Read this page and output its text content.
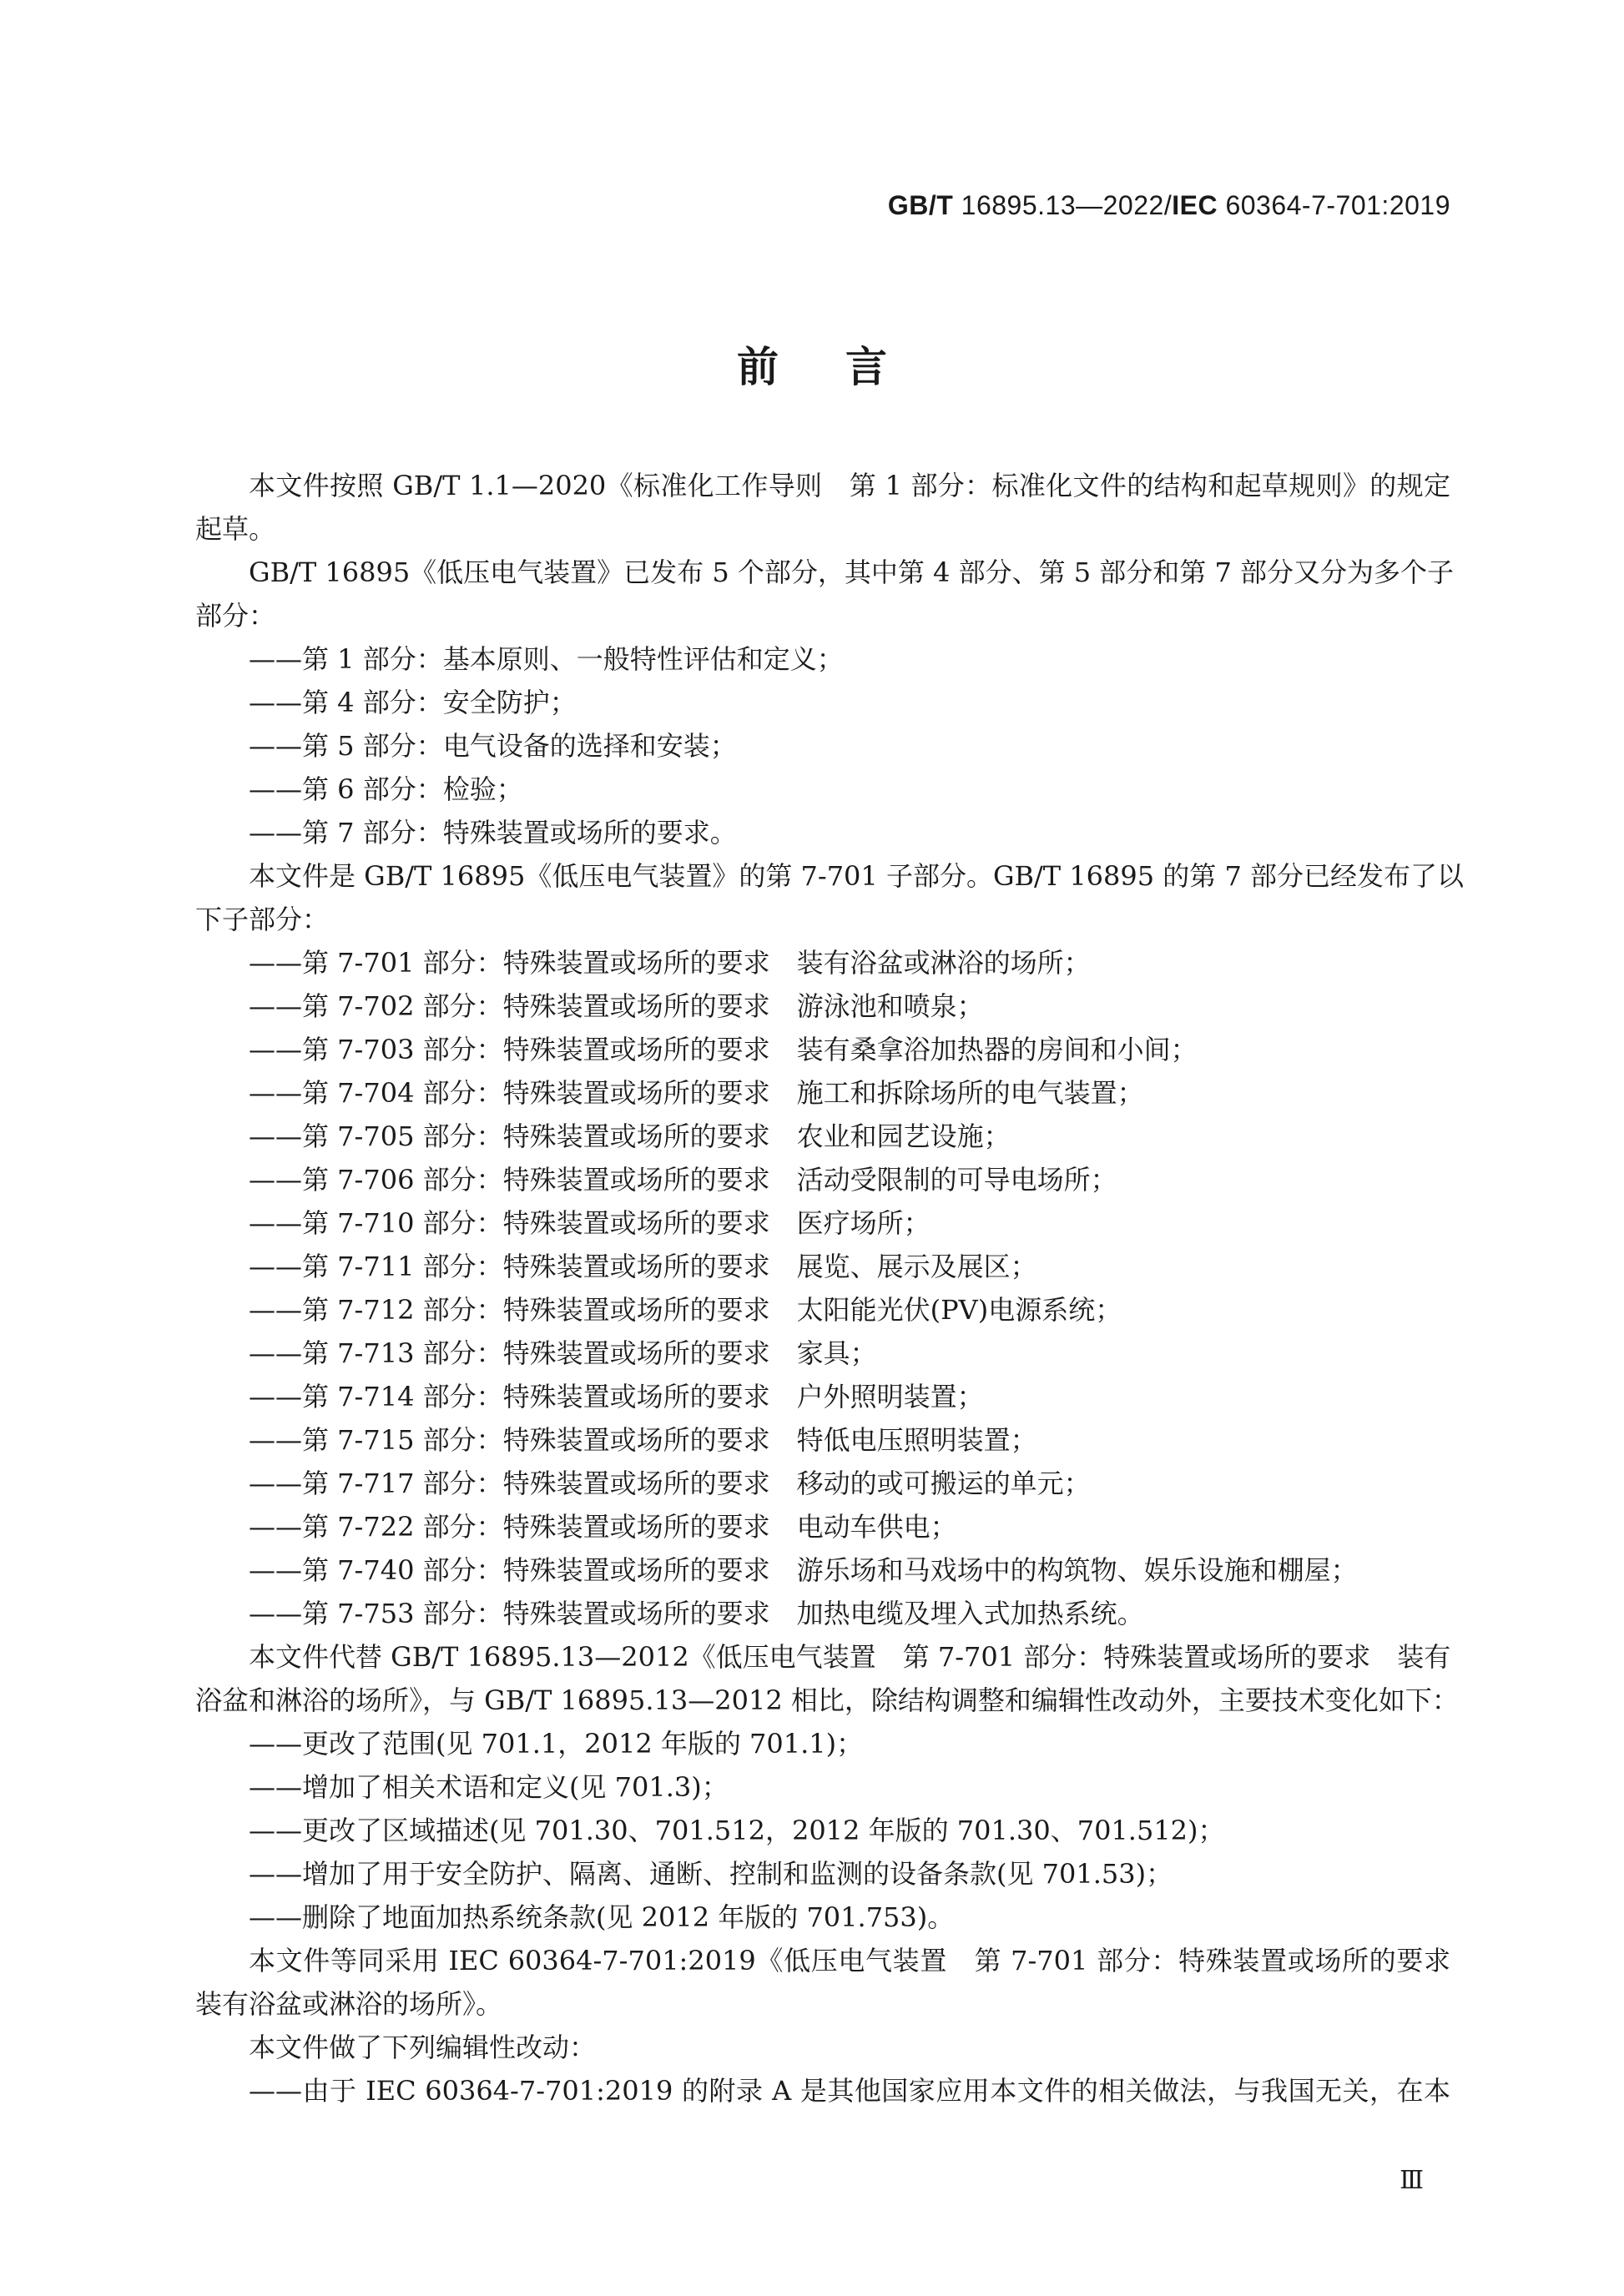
GB/T 16895.13—2022/IEC 60364-7-701:2019
前言
本文件按照 GB/T 1.1—2020《标准化工作导则　第 1 部分：标准化文件的结构和起草规则》的规定
起草。
GB/T 16895《低压电气装置》已发布 5 个部分，其中第 4 部分、第 5 部分和第 7 部分又分为多个子
部分：
——第 1 部分：基本原则、一般特性评估和定义；
——第 4 部分：安全防护；
——第 5 部分：电气设备的选择和安装；
——第 6 部分：检验；
——第 7 部分：特殊装置或场所的要求。
本文件是 GB/T 16895《低压电气装置》的第 7-701 子部分。GB/T 16895 的第 7 部分已经发布了以
下子部分：
——第 7-701 部分：特殊装置或场所的要求　装有浴盆或淋浴的场所；
——第 7-702 部分：特殊装置或场所的要求　游泳池和喷泉；
——第 7-703 部分：特殊装置或场所的要求　装有桑拿浴加热器的房间和小间；
——第 7-704 部分：特殊装置或场所的要求　施工和拆除场所的电气装置；
——第 7-705 部分：特殊装置或场所的要求　农业和园艺设施；
——第 7-706 部分：特殊装置或场所的要求　活动受限制的可导电场所；
——第 7-710 部分：特殊装置或场所的要求　医疗场所；
——第 7-711 部分：特殊装置或场所的要求　展览、展示及展区；
——第 7-712 部分：特殊装置或场所的要求　太阳能光伏(PV)电源系统；
——第 7-713 部分：特殊装置或场所的要求　家具；
——第 7-714 部分：特殊装置或场所的要求　户外照明装置；
——第 7-715 部分：特殊装置或场所的要求　特低电压照明装置；
——第 7-717 部分：特殊装置或场所的要求　移动的或可搬运的单元；
——第 7-722 部分：特殊装置或场所的要求　电动车供电；
——第 7-740 部分：特殊装置或场所的要求　游乐场和马戏场中的构筑物、娱乐设施和棚屋；
——第 7-753 部分：特殊装置或场所的要求　加热电缆及埋入式加热系统。
本文件代替 GB/T 16895.13—2012《低压电气装置　第 7-701 部分：特殊装置或场所的要求　装有
浴盆和淋浴的场所》，与 GB/T 16895.13—2012 相比，除结构调整和编辑性改动外，主要技术变化如下：
——更改了范围(见 701.1，2012 年版的 701.1)；
——增加了相关术语和定义(见 701.3)；
——更改了区域描述(见 701.30、701.512，2012 年版的 701.30、701.512)；
——增加了用于安全防护、隔离、通断、控制和监测的设备条款(见 701.53)；
——删除了地面加热系统条款(见 2012 年版的 701.753)。
本文件等同采用 IEC 60364-7-701:2019《低压电气装置　第 7-701 部分：特殊装置或场所的要求
装有浴盆或淋浴的场所》。
本文件做了下列编辑性改动：
——由于 IEC 60364-7-701:2019 的附录 A 是其他国家应用本文件的相关做法，与我国无关，在本
Ⅲ
